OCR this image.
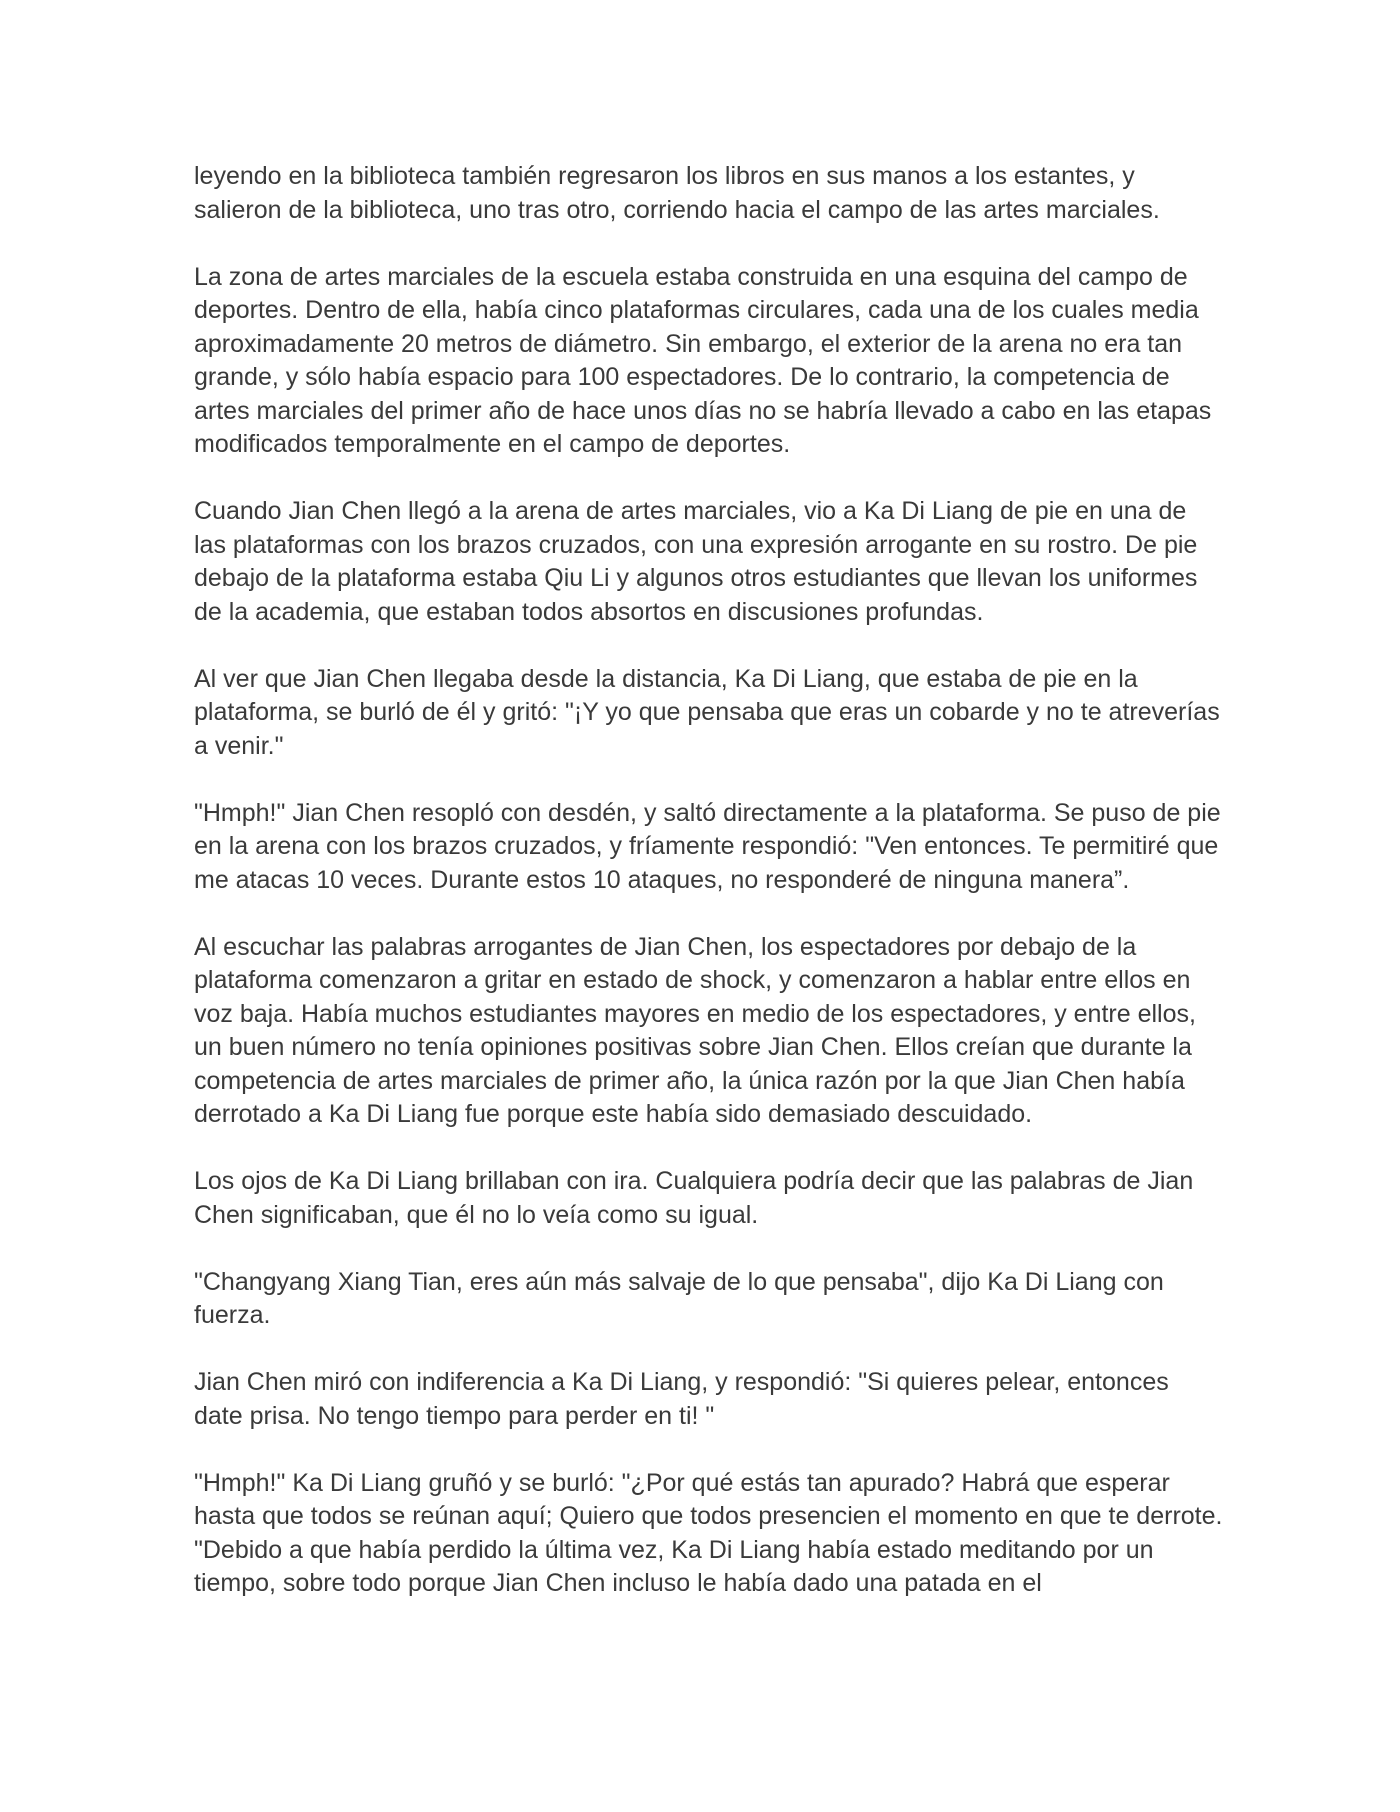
leyendo en la biblioteca también regresaron los libros en sus manos a los estantes, y salieron de la biblioteca, uno tras otro, corriendo hacia el campo de las artes marciales.

La zona de artes marciales de la escuela estaba construida en una esquina del campo de deportes. Dentro de ella, había cinco plataformas circulares, cada una de los cuales media aproximadamente 20 metros de diámetro. Sin embargo, el exterior de la arena no era tan grande, y sólo había espacio para 100 espectadores. De lo contrario, la competencia de artes marciales del primer año de hace unos días no se habría llevado a cabo en las etapas modificados temporalmente en el campo de deportes.

Cuando Jian Chen llegó a la arena de artes marciales, vio a Ka Di Liang de pie en una de las plataformas con los brazos cruzados, con una expresión arrogante en su rostro. De pie debajo de la plataforma estaba Qiu Li y algunos otros estudiantes que llevan los uniformes de la academia, que estaban todos absortos en discusiones profundas.

Al ver que Jian Chen llegaba desde la distancia, Ka Di Liang, que estaba de pie en la plataforma, se burló de él y gritó: "¡Y yo que pensaba que eras un cobarde y no te atreverías a venir."

"Hmph!" Jian Chen resopló con desdén, y saltó directamente a la plataforma. Se puso de pie en la arena con los brazos cruzados, y fríamente respondió: "Ven entonces. Te permitiré que me atacas 10 veces. Durante estos 10 ataques, no responderé de ninguna manera”.

Al escuchar las palabras arrogantes de Jian Chen, los espectadores por debajo de la plataforma comenzaron a gritar en estado de shock, y comenzaron a hablar entre ellos en voz baja. Había muchos estudiantes mayores en medio de los espectadores, y entre ellos, un buen número no tenía opiniones positivas sobre Jian Chen. Ellos creían que durante la competencia de artes marciales de primer año, la única razón por la que Jian Chen había derrotado a Ka Di Liang fue porque este había sido demasiado descuidado.

Los ojos de Ka Di Liang brillaban con ira. Cualquiera podría decir que las palabras de Jian Chen significaban, que él no lo veía como su igual.

"Changyang Xiang Tian, eres aún más salvaje de lo que pensaba", dijo Ka Di Liang con fuerza.

Jian Chen miró con indiferencia a Ka Di Liang, y respondió: "Si quieres pelear, entonces date prisa. No tengo tiempo para perder en ti! "

"Hmph!" Ka Di Liang gruñó y se burló: "¿Por qué estás tan apurado? Habrá que esperar hasta que todos se reúnan aquí; Quiero que todos presencien el momento en que te derrote. "Debido a que había perdido la última vez, Ka Di Liang había estado meditando por un tiempo, sobre todo porque Jian Chen incluso le había dado una patada en el
